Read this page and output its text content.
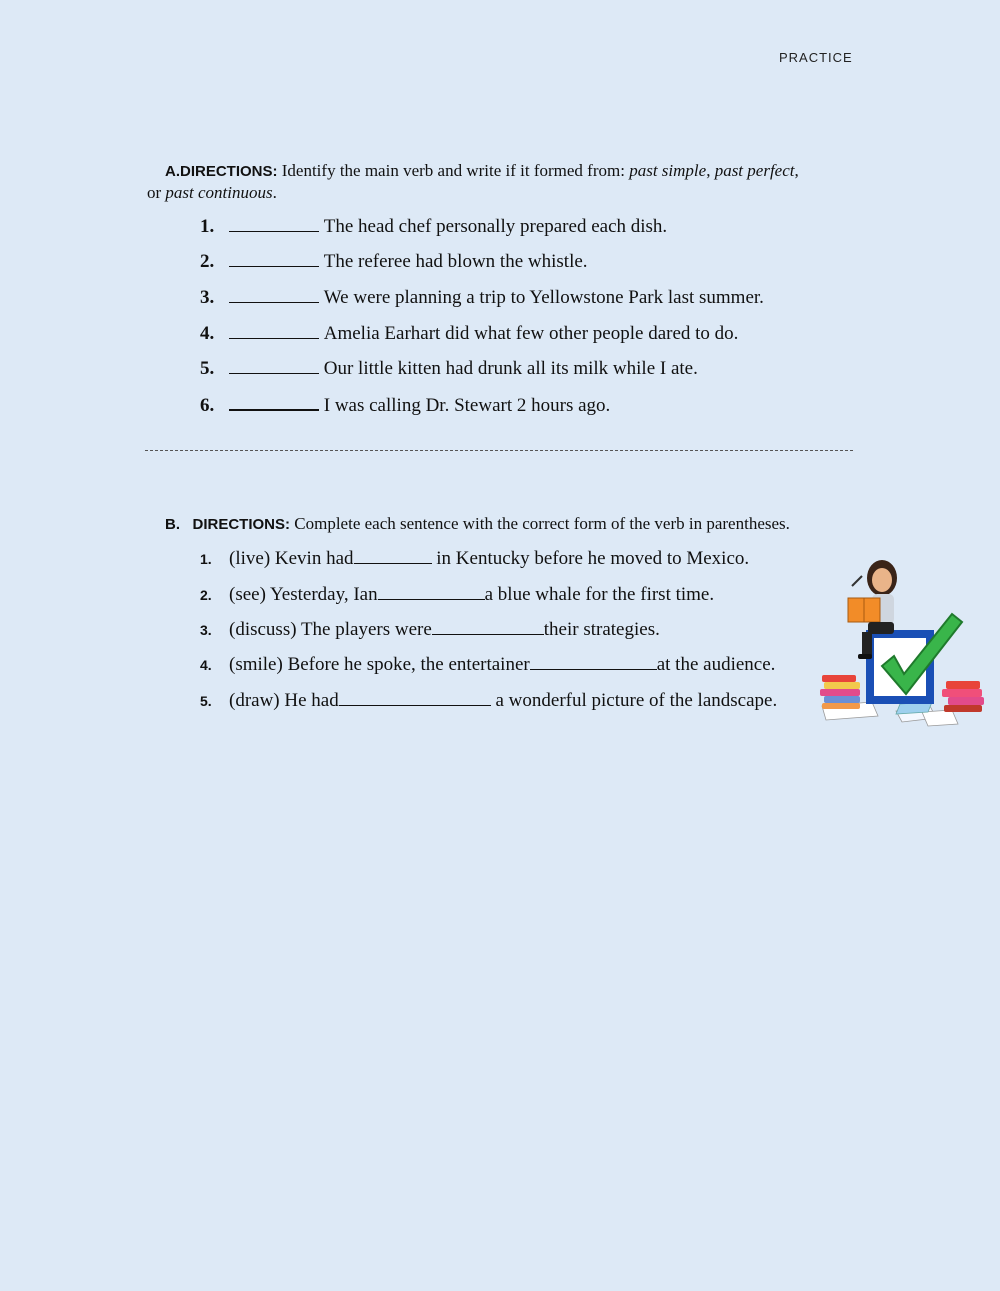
PRACTICE
A.DIRECTIONS: Identify the main verb and write if it formed from: past simple, past perfect,
or past continuous.
1.	The head chef personally prepared each dish.
2.	The referee had blown the whistle.
3.	We were planning a trip to Yellowstone Park last summer.
4.	Amelia Earhart did what few other people dared to do.
5.	Our little kitten had drunk all its milk while I ate.
6.	I was calling Dr. Stewart 2 hours ago.
B.   DIRECTIONS: Complete each sentence with the correct form of the verb in parentheses.
1. (live) Kevin had	in Kentucky before he moved to Mexico.
2. (see) Yesterday, Ian	a blue whale for the first time.
3. (discuss) The players were	their strategies.
4. (smile) Before he spoke, the entertainer	at the audience.
5. (draw) He had	a wonderful picture of the landscape.
